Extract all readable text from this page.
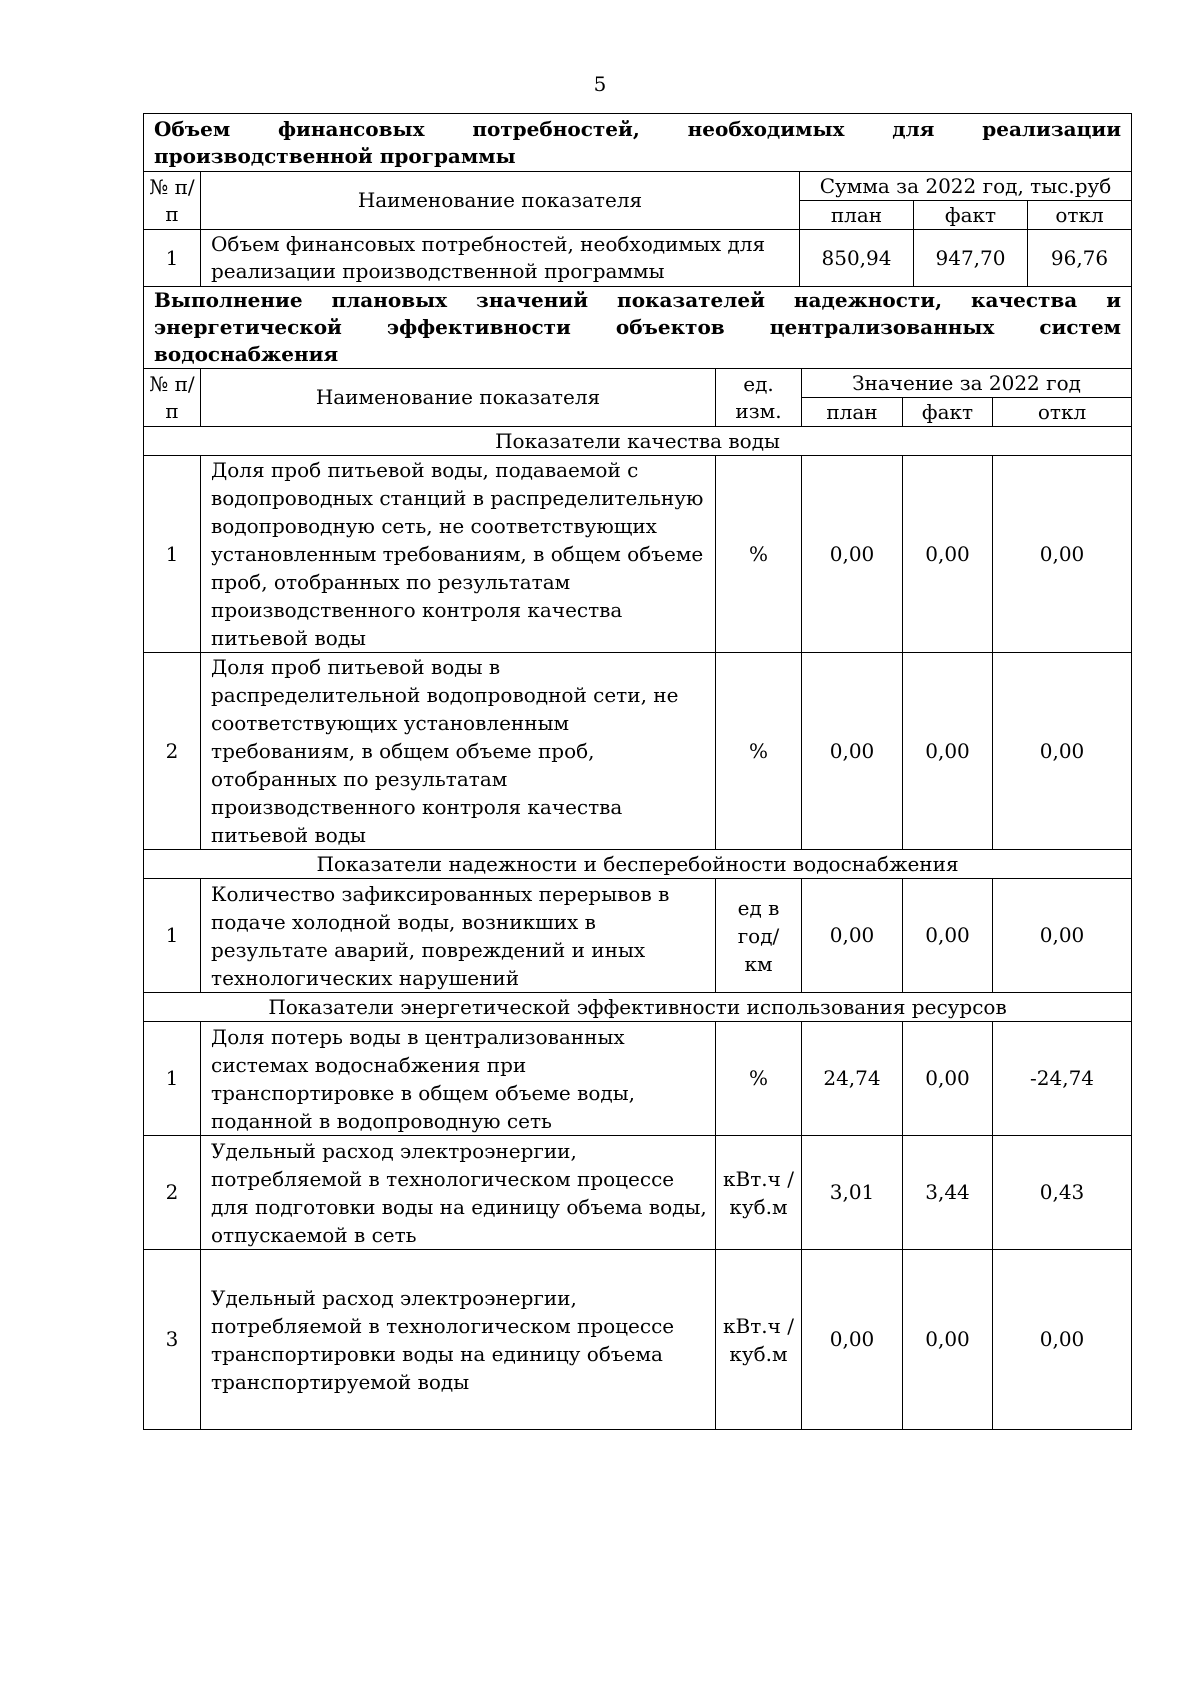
5
Объем финансовых потребностей, необходимых для реализации производственной программы				
№ п/п	Наименование показателя	Сумма за 2022 год, тыс.руб		
		план	факт	откл
1	Объем финансовых потребностей, необходимых для реализации производственной программы	850,94	947,70	96,76
Выполнение плановых значений показателей надежности, качества и энергетической эффективности объектов централизованных систем водоснабжения					
№ п/п	Наименование показателя	ед. изм.	Значение за 2022 год		
			план	факт	откл
Показатели качества воды					
1	Доля проб питьевой воды, подаваемой с водопроводных станций в распределительную водопроводную сеть, не соответствующих установленным требованиям, в общем объеме проб, отобранных по результатам производственного контроля качества питьевой воды	%	0,00	0,00	0,00
2	Доля проб питьевой воды в распределительной водопроводной сети, не соответствующих установленным требованиям, в общем объеме проб, отобранных по результатам производственного контроля качества питьевой воды	%	0,00	0,00	0,00
Показатели надежности и бесперебойности водоснабжения					
1	Количество зафиксированных перерывов в подаче холодной воды, возникших в результате аварий, повреждений и иных технологических нарушений	ед в год/ км	0,00	0,00	0,00
Показатели энергетической эффективности использования ресурсов					
1	Доля потерь воды в централизованных системах водоснабжения при транспортировке в общем объеме воды, поданной в водопроводную сеть	%	24,74	0,00	-24,74
2	Удельный расход электроэнергии, потребляемой в технологическом процессе для подготовки воды на единицу объема воды, отпускаемой в сеть	кВт.ч / куб.м	3,01	3,44	0,43
3	Удельный расход электроэнергии, потребляемой в технологическом процессе транспортировки воды на единицу объема транспортируемой воды	кВт.ч / куб.м	0,00	0,00	0,00
